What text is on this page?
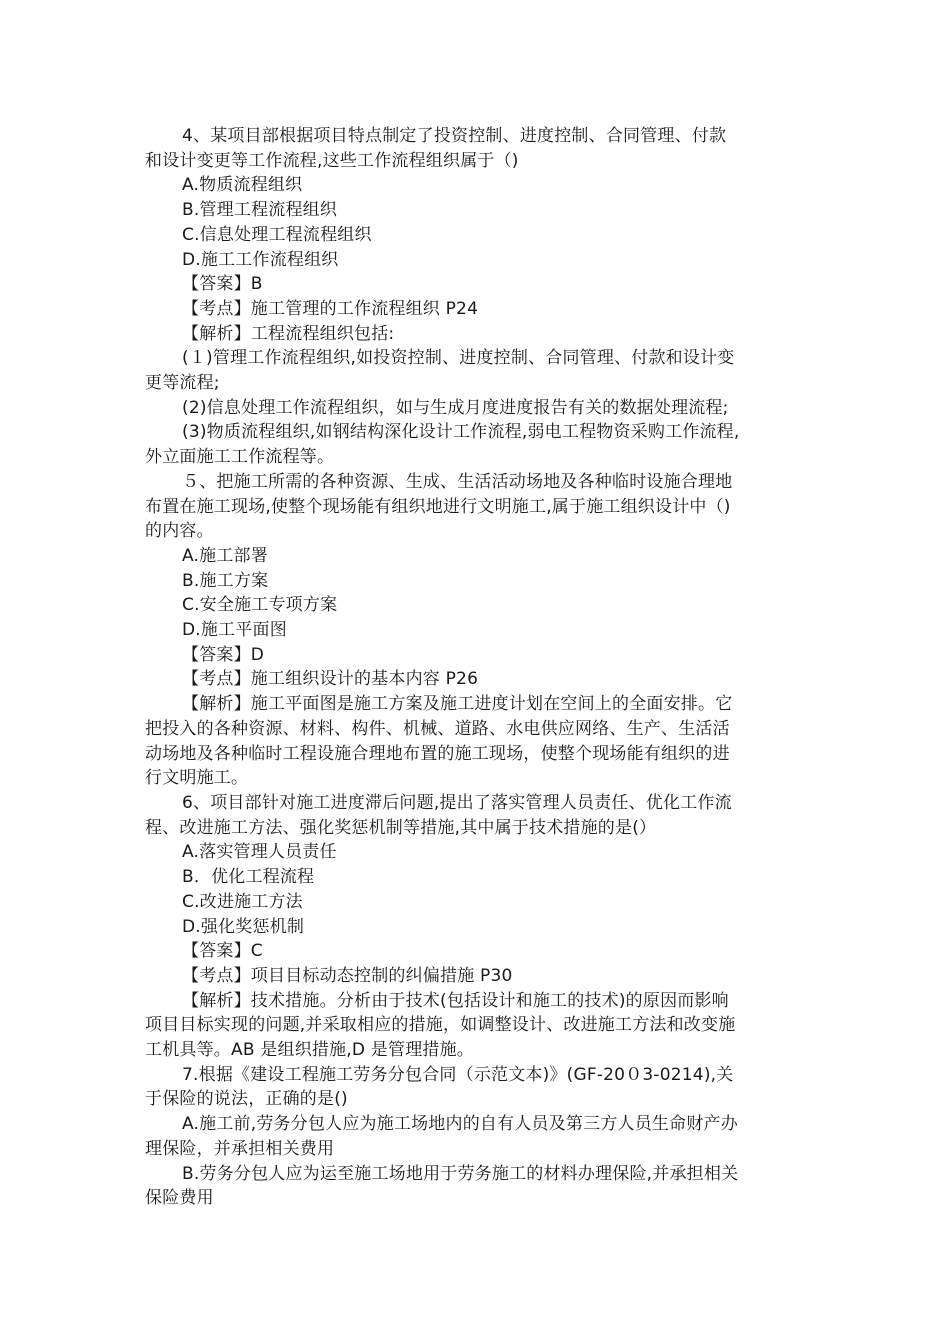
4、某项目部根据项目特点制定了投资控制、进度控制、合同管理、付款
和设计变更等工作流程,这些工作流程组织属于（)
A.物质流程组织
B.管理工程流程组织
C.信息处理工程流程组织
D.施工工作流程组织
【答案】B
【考点】施工管理的工作流程组织 P24
【解析】工程流程组织包括:
(１)管理工作流程组织,如投资控制、进度控制、合同管理、付款和设计变
更等流程;
(2)信息处理工作流程组织，如与生成月度进度报告有关的数据处理流程;
(3)物质流程组织,如钢结构深化设计工作流程,弱电工程物资采购工作流程,
外立面施工工作流程等。
５、把施工所需的各种资源、生成、生活活动场地及各种临时设施合理地
布置在施工现场,使整个现场能有组织地进行文明施工,属于施工组织设计中（)
的内容。
A.施工部署
B.施工方案
C.安全施工专项方案
D.施工平面图
【答案】D
【考点】施工组织设计的基本内容 P26
【解析】施工平面图是施工方案及施工进度计划在空间上的全面安排。它
把投入的各种资源、材料、构件、机械、道路、水电供应网络、生产、生活活
动场地及各种临时工程设施合理地布置的施工现场，使整个现场能有组织的进
行文明施工。
6、项目部针对施工进度滞后问题,提出了落实管理人员责任、优化工作流
程、改进施工方法、强化奖惩机制等措施,其中属于技术措施的是(）
A.落实管理人员责任
B．优化工程流程
C.改进施工方法
D.强化奖惩机制
【答案】C
【考点】项目目标动态控制的纠偏措施 P30
【解析】技术措施。分析由于技术(包括设计和施工的技术)的原因而影响
项目目标实现的问题,并采取相应的措施，如调整设计、改进施工方法和改变施
工机具等。AB 是组织措施,D 是管理措施。
7.根据《建设工程施工劳务分包合同（示范文本)》(GF-20０3-0214),关
于保险的说法，正确的是()
A.施工前,劳务分包人应为施工场地内的自有人员及第三方人员生命财产办
理保险，并承担相关费用
B.劳务分包人应为运至施工场地用于劳务施工的材料办理保险,并承担相关
保险费用
